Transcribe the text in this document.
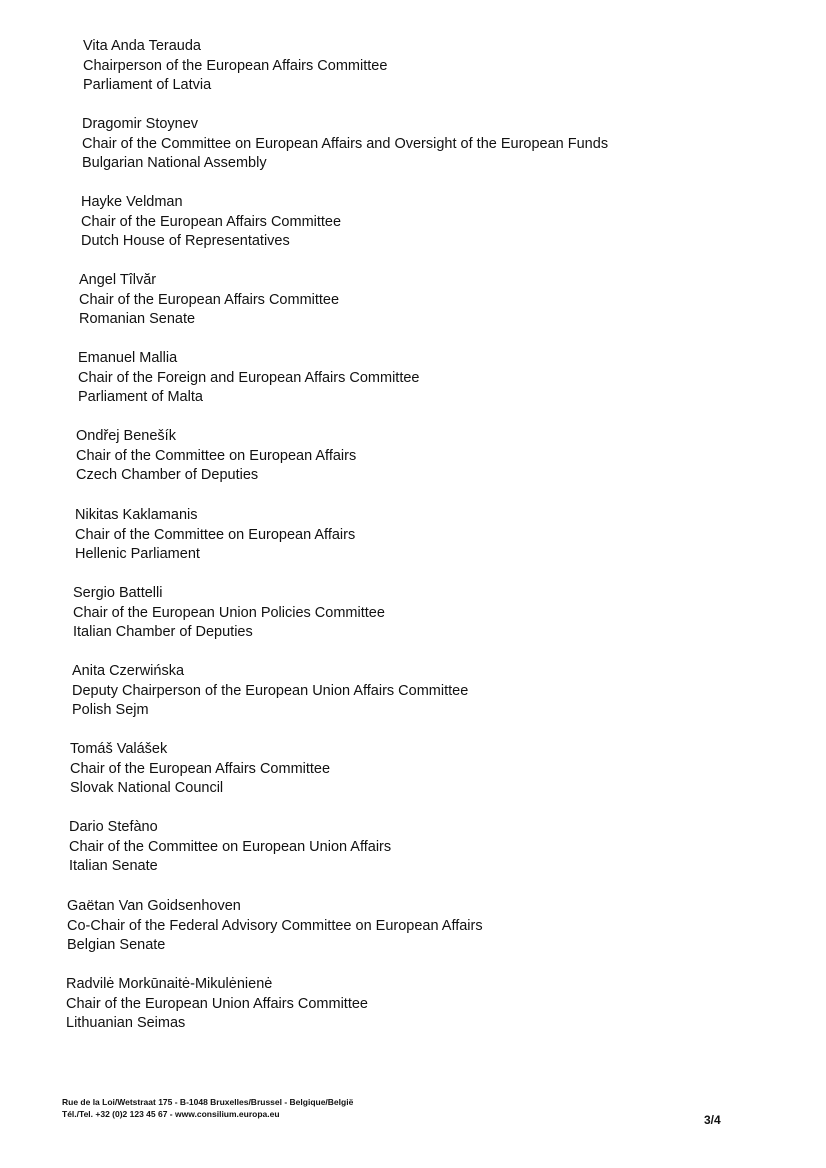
Vita Anda Terauda
Chairperson of the European Affairs Committee
Parliament of Latvia
Dragomir Stoynev
Chair of the Committee on European Affairs and Oversight of the European Funds
Bulgarian National Assembly
Hayke Veldman
Chair of the European Affairs Committee
Dutch House of Representatives
Angel Tîlvăr
Chair of the European Affairs Committee
Romanian Senate
Emanuel Mallia
Chair of the Foreign and European Affairs Committee
Parliament of Malta
Ondřej Benešík
Chair of the Committee on European Affairs
Czech Chamber of Deputies
Nikitas Kaklamanis
Chair of the Committee on European Affairs
Hellenic Parliament
Sergio Battelli
Chair of the European Union Policies Committee
Italian Chamber of Deputies
Anita Czerwińska
Deputy Chairperson of the European Union Affairs Committee
Polish Sejm
Tomáš Valášek
Chair of the European Affairs Committee
Slovak National Council
Dario Stefàno
Chair of the Committee on European Union Affairs
Italian Senate
Gaëtan Van Goidsenhoven
Co-Chair of the Federal Advisory Committee on European Affairs
Belgian Senate
Radvilė Morkūnaitė-Mikulėnienė
Chair of the European Union Affairs Committee
Lithuanian Seimas
Rue de la Loi/Wetstraat 175 - B-1048 Bruxelles/Brussel - Belgique/België
Tél./Tel. +32 (0)2 123 45 67 - www.consilium.europa.eu	3/4
